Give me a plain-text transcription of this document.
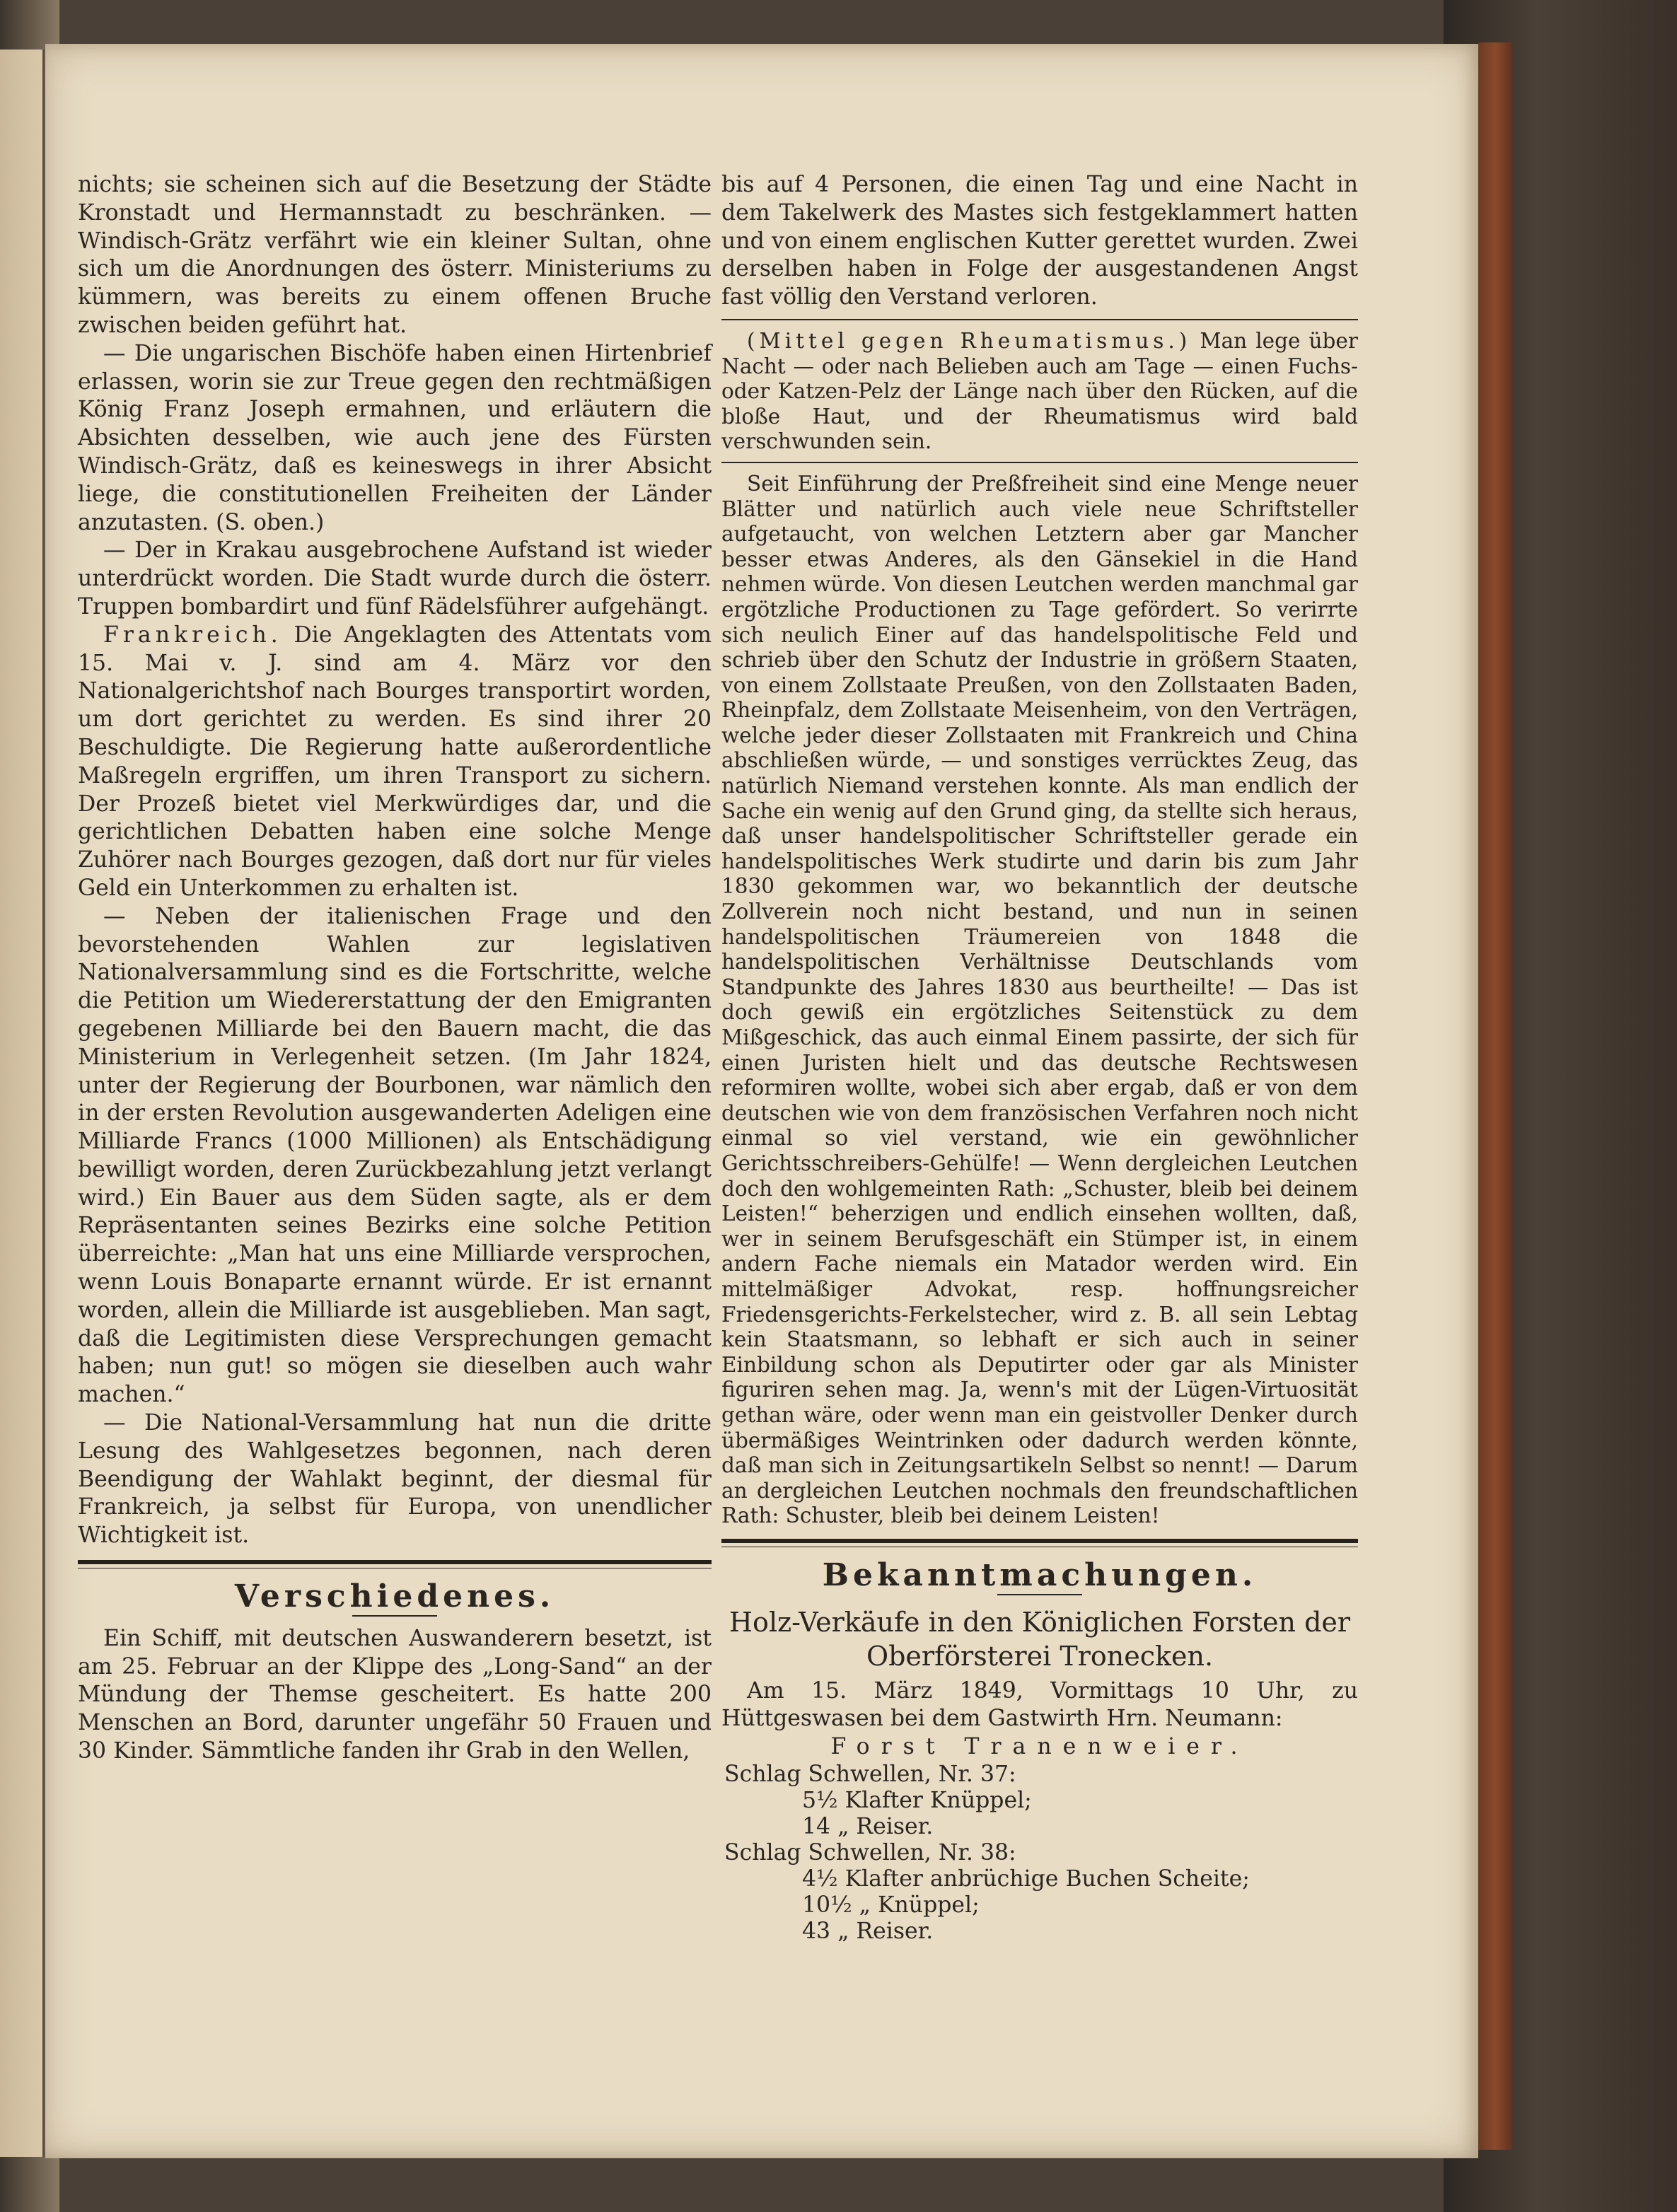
nichts; sie scheinen sich auf die Besetzung der Städte Kronstadt und Hermannstadt zu beschränken. — Windisch-Grätz verfährt wie ein kleiner Sultan, ohne sich um die Anordnungen des österr. Ministeriums zu kümmern, was bereits zu einem offenen Bruche zwischen beiden geführt hat.

— Die ungarischen Bischöfe haben einen Hirtenbrief erlassen, worin sie zur Treue gegen den rechtmäßigen König Franz Joseph ermahnen, und erläutern die Absichten desselben, wie auch jene des Fürsten Windisch-Grätz, daß es keineswegs in ihrer Absicht liege, die constitutionellen Freiheiten der Länder anzutasten. (S. oben.)

— Der in Krakau ausgebrochene Aufstand ist wieder unterdrückt worden. Die Stadt wurde durch die österr. Truppen bombardirt und fünf Rädelsführer aufgehängt.

Frankreich. Die Angeklagten des Attentats vom 15. Mai v. J. sind am 4. März vor den Nationalgerichtshof nach Bourges transportirt worden, um dort gerichtet zu werden. Es sind ihrer 20 Beschuldigte. Die Regierung hatte außerordentliche Maßregeln ergriffen, um ihren Transport zu sichern. Der Prozeß bietet viel Merkwürdiges dar, und die gerichtlichen Debatten haben eine solche Menge Zuhörer nach Bourges gezogen, daß dort nur für vieles Geld ein Unterkommen zu erhalten ist.

— Neben der italienischen Frage und den bevorstehenden Wahlen zur legislativen Nationalversammlung sind es die Fortschritte, welche die Petition um Wiedererstattung der den Emigranten gegebenen Milliarde bei den Bauern macht, die das Ministerium in Verlegenheit setzen. (Im Jahr 1824, unter der Regierung der Bourbonen, war nämlich den in der ersten Revolution ausgewanderten Adeligen eine Milliarde Francs (1000 Millionen) als Entschädigung bewilligt worden, deren Zurückbezahlung jetzt verlangt wird.) Ein Bauer aus dem Süden sagte, als er dem Repräsentanten seines Bezirks eine solche Petition überreichte: „Man hat uns eine Milliarde versprochen, wenn Louis Bonaparte ernannt würde. Er ist ernannt worden, allein die Milliarde ist ausgeblieben. Man sagt, daß die Legitimisten diese Versprechungen gemacht haben; nun gut! so mögen sie dieselben auch wahr machen.“

— Die National-Versammlung hat nun die dritte Lesung des Wahlgesetzes begonnen, nach deren Beendigung der Wahlakt beginnt, der diesmal für Frankreich, ja selbst für Europa, von unendlicher Wichtigkeit ist.

Verschiedenes.

Ein Schiff, mit deutschen Auswanderern besetzt, ist am 25. Februar an der Klippe des „Long-Sand“ an der Mündung der Themse gescheitert. Es hatte 200 Menschen an Bord, darunter ungefähr 50 Frauen und 30 Kinder. Sämmtliche fanden ihr Grab in den Wellen,

bis auf 4 Personen, die einen Tag und eine Nacht in dem Takelwerk des Mastes sich festgeklammert hatten und von einem englischen Kutter gerettet wurden. Zwei derselben haben in Folge der ausgestandenen Angst fast völlig den Verstand verloren.

(Mittel gegen Rheumatismus.) Man lege über Nacht — oder nach Belieben auch am Tage — einen Fuchs- oder Katzen-Pelz der Länge nach über den Rücken, auf die bloße Haut, und der Rheumatismus wird bald verschwunden sein.

Seit Einführung der Preßfreiheit sind eine Menge neuer Blätter und natürlich auch viele neue Schriftsteller aufgetaucht, von welchen Letztern aber gar Mancher besser etwas Anderes, als den Gänsekiel in die Hand nehmen würde. Von diesen Leutchen werden manchmal gar ergötzliche Productionen zu Tage gefördert. So verirrte sich neulich Einer auf das handelspolitische Feld und schrieb über den Schutz der Industrie in größern Staaten, von einem Zollstaate Preußen, von den Zollstaaten Baden, Rheinpfalz, dem Zollstaate Meisenheim, von den Verträgen, welche jeder dieser Zollstaaten mit Frankreich und China abschließen würde, — und sonstiges verrücktes Zeug, das natürlich Niemand verstehen konnte. Als man endlich der Sache ein wenig auf den Grund ging, da stellte sich heraus, daß unser handelspolitischer Schriftsteller gerade ein handelspolitisches Werk studirte und darin bis zum Jahr 1830 gekommen war, wo bekanntlich der deutsche Zollverein noch nicht bestand, und nun in seinen handelspolitischen Träumereien von 1848 die handelspolitischen Verhältnisse Deutschlands vom Standpunkte des Jahres 1830 aus beurtheilte! — Das ist doch gewiß ein ergötzliches Seitenstück zu dem Mißgeschick, das auch einmal Einem passirte, der sich für einen Juristen hielt und das deutsche Rechtswesen reformiren wollte, wobei sich aber ergab, daß er von dem deutschen wie von dem französischen Verfahren noch nicht einmal so viel verstand, wie ein gewöhnlicher Gerichtsschreibers-Gehülfe! — Wenn dergleichen Leutchen doch den wohlgemeinten Rath: „Schuster, bleib bei deinem Leisten!“ beherzigen und endlich einsehen wollten, daß, wer in seinem Berufsgeschäft ein Stümper ist, in einem andern Fache niemals ein Matador werden wird. Ein mittelmäßiger Advokat, resp. hoffnungsreicher Friedensgerichts-Ferkelstecher, wird z. B. all sein Lebtag kein Staatsmann, so lebhaft er sich auch in seiner Einbildung schon als Deputirter oder gar als Minister figuriren sehen mag. Ja, wenn's mit der Lügen-Virtuosität gethan wäre, oder wenn man ein geistvoller Denker durch übermäßiges Weintrinken oder dadurch werden könnte, daß man sich in Zeitungsartikeln Selbst so nennt! — Darum an dergleichen Leutchen nochmals den freundschaftlichen Rath: Schuster, bleib bei deinem Leisten!

Bekanntmachungen.

Holz-Verkäufe in den Königlichen Forsten der

Oberförsterei Tronecken.

Am 15. März 1849, Vormittags 10 Uhr, zu Hüttgeswasen bei dem Gastwirth Hrn. Neumann:

Forst Tranenweier.

Schlag Schwellen, Nr. 37:
5½ Klafter Knüppel;
14 „ Reiser.
Schlag Schwellen, Nr. 38:
4½ Klafter anbrüchige Buchen Scheite;
10½ „ Knüppel;
43 „ Reiser.
